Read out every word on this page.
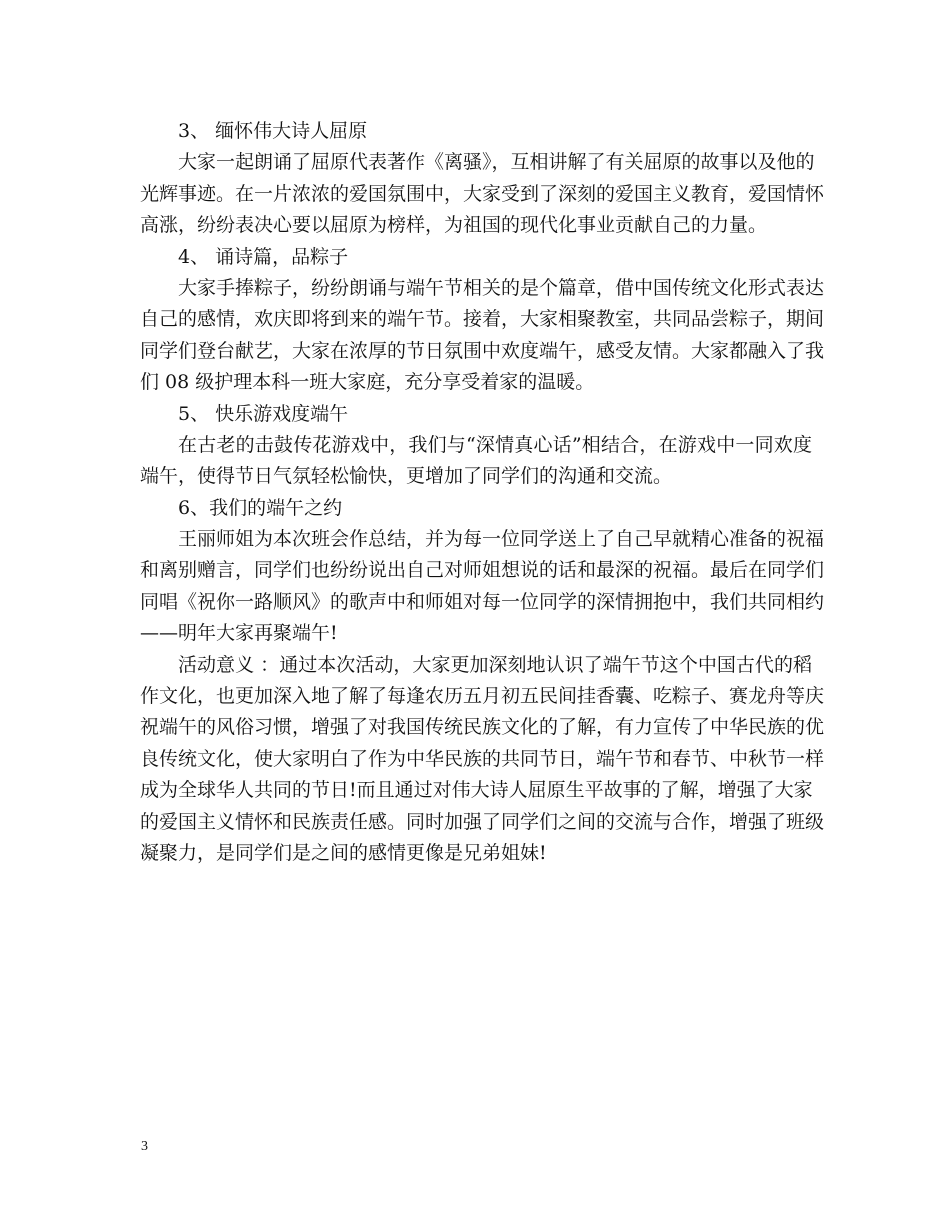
3、 缅怀伟大诗人屈原
大家一起朗诵了屈原代表著作《离骚》，互相讲解了有关屈原的故事以及他的
光辉事迹。在一片浓浓的爱国氛围中，大家受到了深刻的爱国主义教育，爱国情怀
高涨，纷纷表决心要以屈原为榜样，为祖国的现代化事业贡献自己的力量。
4、 诵诗篇，品粽子
大家手捧粽子，纷纷朗诵与端午节相关的是个篇章，借中国传统文化形式表达
自己的感情，欢庆即将到来的端午节。接着，大家相聚教室，共同品尝粽子，期间
同学们登台献艺，大家在浓厚的节日氛围中欢度端午，感受友情。大家都融入了我
们 08 级护理本科一班大家庭，充分享受着家的温暖。
5、 快乐游戏度端午
在古老的击鼓传花游戏中，我们与“深情真心话”相结合，在游戏中一同欢度
端午，使得节日气氛轻松愉快，更增加了同学们的沟通和交流。
6、我们的端午之约
王丽师姐为本次班会作总结，并为每一位同学送上了自己早就精心准备的祝福
和离别赠言，同学们也纷纷说出自己对师姐想说的话和最深的祝福。最后在同学们
同唱《祝你一路顺风》的歌声中和师姐对每一位同学的深情拥抱中，我们共同相约
——明年大家再聚端午!
活动意义 ：通过本次活动，大家更加深刻地认识了端午节这个中国古代的稻
作文化，也更加深入地了解了每逢农历五月初五民间挂香囊、吃粽子、赛龙舟等庆
祝端午的风俗习惯，增强了对我国传统民族文化的了解，有力宣传了中华民族的优
良传统文化，使大家明白了作为中华民族的共同节日，端午节和春节、中秋节一样
成为全球华人共同的节日!而且通过对伟大诗人屈原生平故事的了解，增强了大家
的爱国主义情怀和民族责任感。同时加强了同学们之间的交流与合作，增强了班级
凝聚力，是同学们是之间的感情更像是兄弟姐妹!
3
